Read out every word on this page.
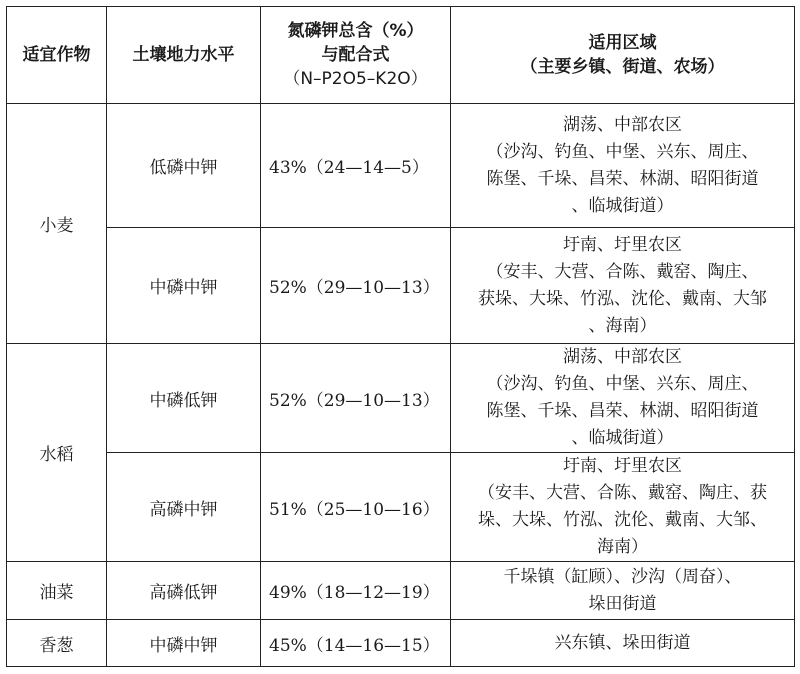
适宜作物	土壤地力水平	氮磷钾总含（%）
与配合式
（N–P2O5–K2O）	适用区域
（主要乡镇、街道、农场）

小麦	低磷中钾	43%（24—14—5）	湖荡、中部农区
（沙沟、钓鱼、中堡、兴东、周庄、
陈堡、千垛、昌荣、林湖、昭阳街道
、临城街道）

	中磷中钾	52%（29—10—13）	圩南、圩里农区
（安丰、大营、合陈、戴窑、陶庄、
获垛、大垛、竹泓、沈伦、戴南、大邹
、海南）

水稻	中磷低钾	52%（29—10—13）	湖荡、中部农区
（沙沟、钓鱼、中堡、兴东、周庄、
陈堡、千垛、昌荣、林湖、昭阳街道
、临城街道）

	高磷中钾	51%（25—10—16）	圩南、圩里农区
（安丰、大营、合陈、戴窑、陶庄、获
垛、大垛、竹泓、沈伦、戴南、大邹、
海南）

油菜	高磷低钾	49%（18—12—19）	千垛镇（缸顾）、沙沟（周奋）、
垛田街道

香葱	中磷中钾	45%（14—16—15）	兴东镇、垛田街道
